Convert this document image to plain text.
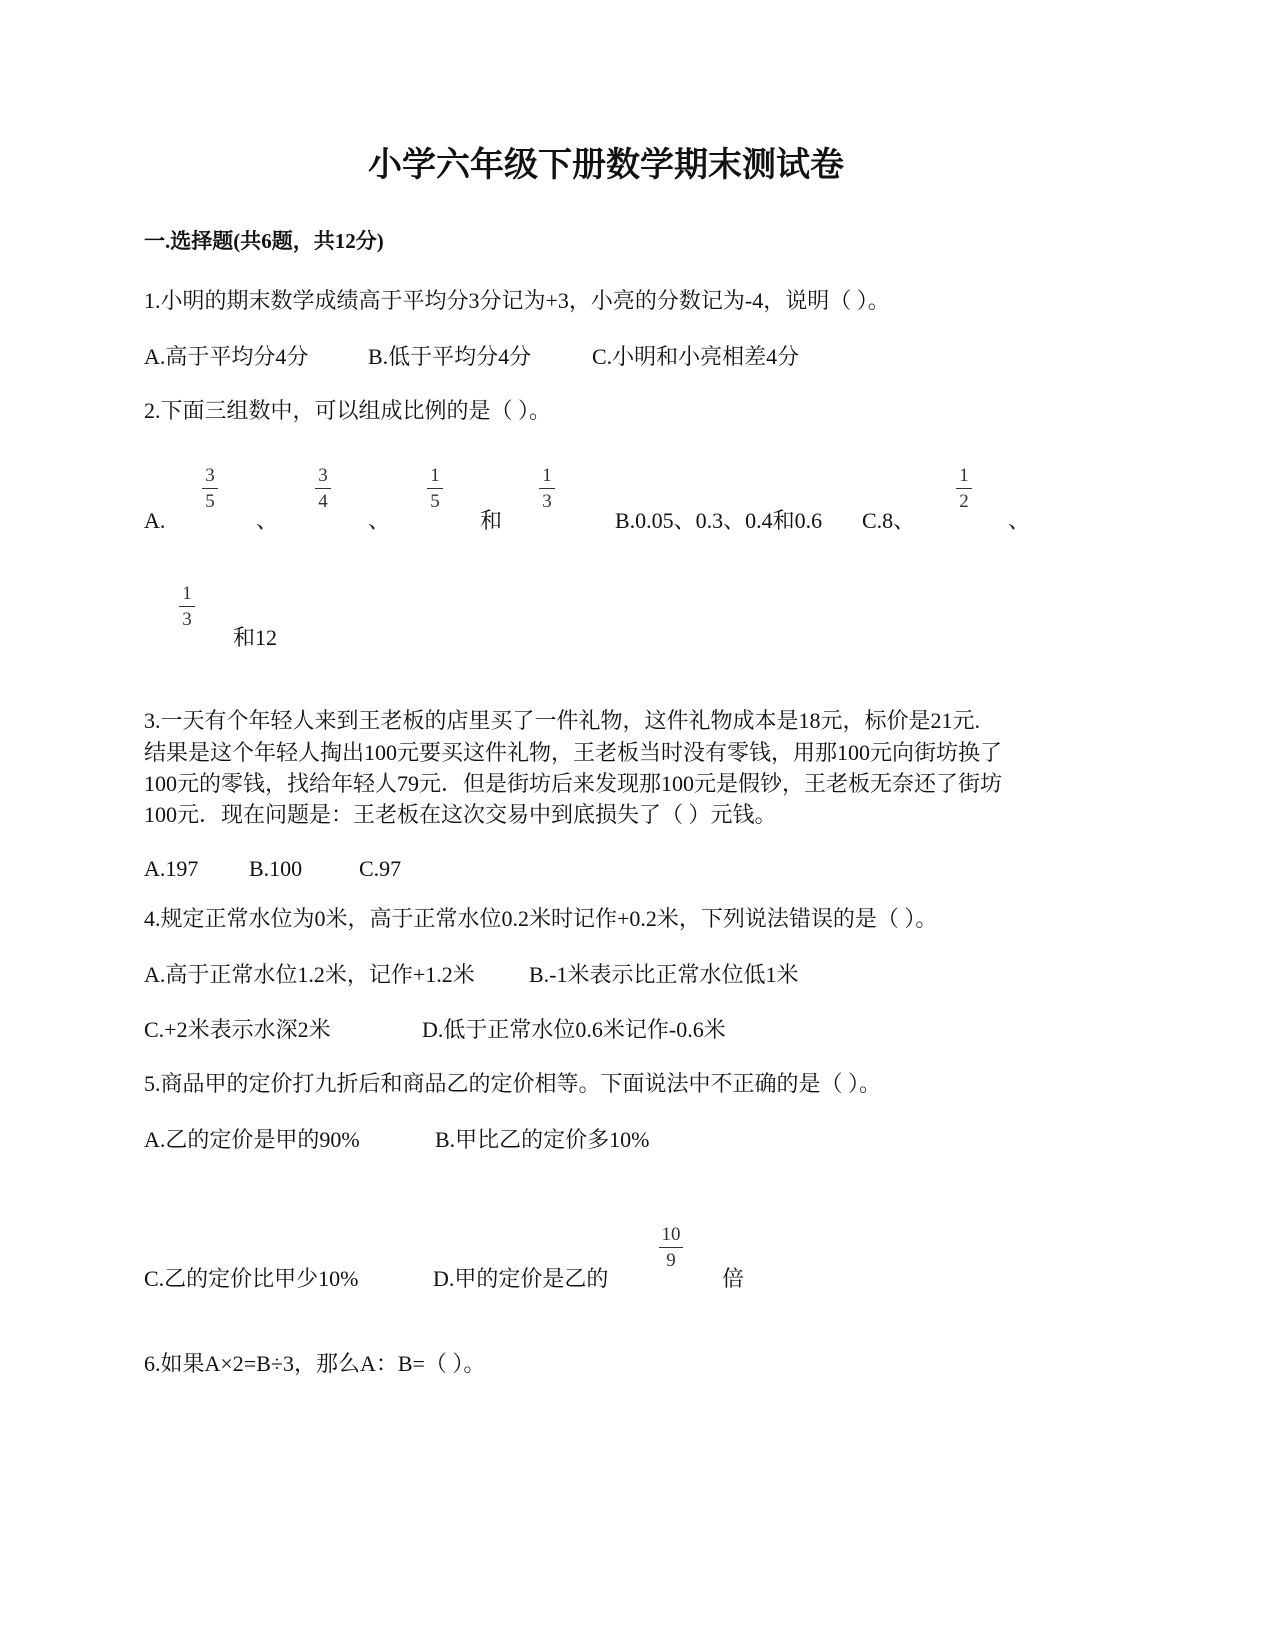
小学六年级下册数学期末测试卷
一.选择题(共6题，共12分)
1.小明的期末数学成绩高于平均分3分记为+3，小亮的分数记为-4，说明（ ）。
A.高于平均分4分	B.低于平均分4分	C.小明和小亮相差4分
2.下面三组数中，可以组成比例的是（ ）。
A.
3
5
、
3
4
、
1
5
和
1
3
B.0.05、0.3、0.4和0.6 C.8、
1
2
、
1
3
和12
3.一天有个年轻人来到王老板的店里买了一件礼物，这件礼物成本是18元，标价是21元.
结果是这个年轻人掏出100元要买这件礼物，王老板当时没有零钱，用那100元向街坊换了
100元的零钱，找给年轻人79元．但是街坊后来发现那100元是假钞，王老板无奈还了街坊
100元．现在问题是：王老板在这次交易中到底损失了（ ）元钱。
A.197 B.100	C.97
4.规定正常水位为0米，高于正常水位0.2米时记作+0.2米，下列说法错误的是（ ）。
A.高于正常水位1.2米，记作+1.2米 B.-1米表示比正常水位低1米
C.+2米表示水深2米	D.低于正常水位0.6米记作-0.6米
5.商品甲的定价打九折后和商品乙的定价相等。下面说法中不正确的是（ ）。
A.乙的定价是甲的90%	B.甲比乙的定价多10%
C.乙的定价比甲少10%	D.甲的定价是乙的
10
9
倍
6.如果A×2=B÷3，那么A：B=（ ）。
